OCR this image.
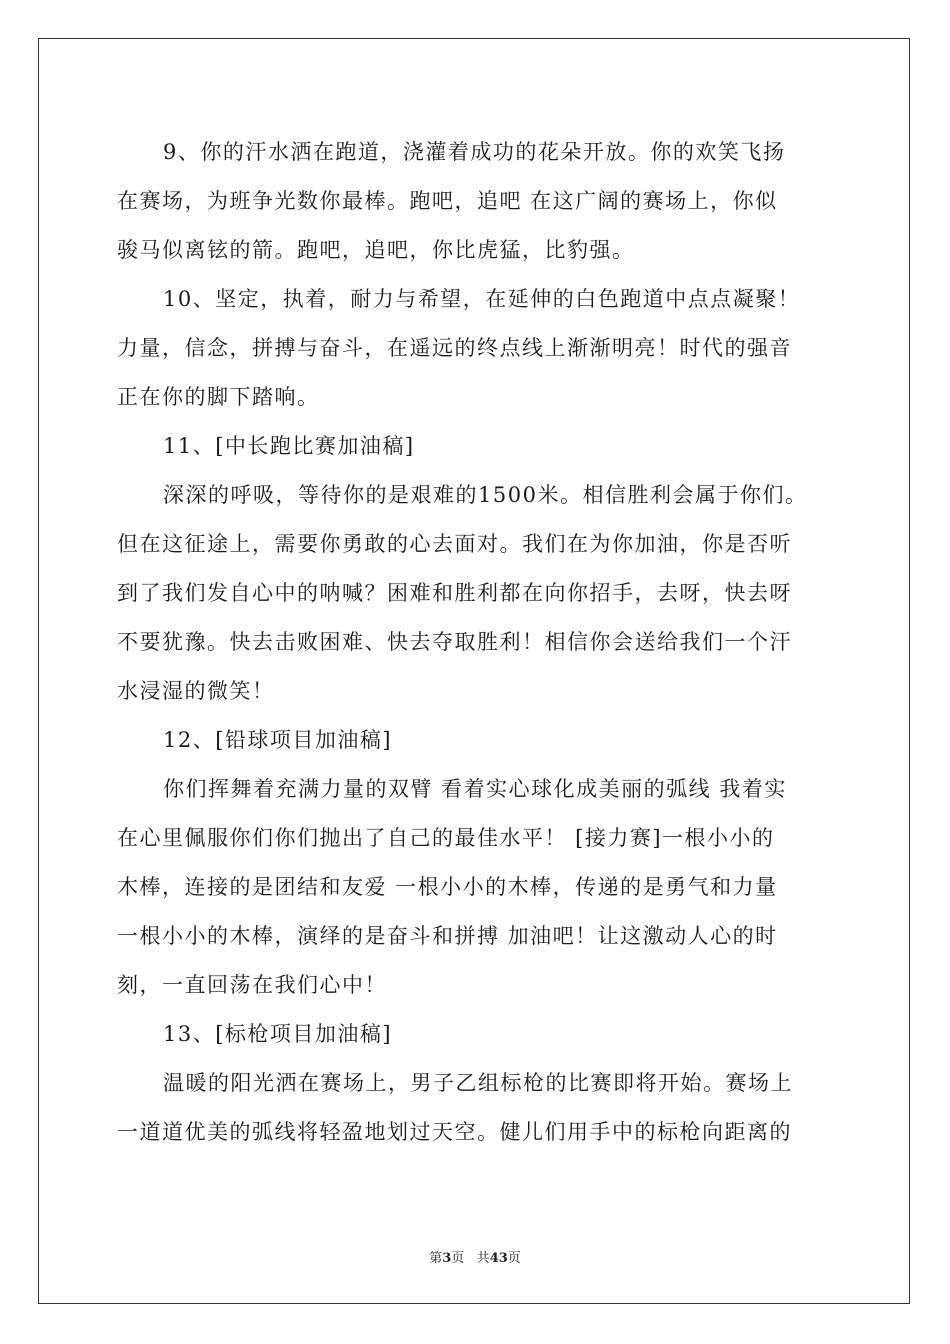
9、你的汗水洒在跑道，浇灌着成功的花朵开放。你的欢笑飞扬
在赛场，为班争光数你最棒。跑吧，追吧 在这广阔的赛场上，你似
骏马似离铉的箭。跑吧，追吧，你比虎猛，比豹强。
10、坚定，执着，耐力与希望，在延伸的白色跑道中点点凝聚！
力量，信念，拼搏与奋斗，在遥远的终点线上渐渐明亮！时代的强音
正在你的脚下踏响。
11、[中长跑比赛加油稿]
深深的呼吸，等待你的是艰难的1500米。相信胜利会属于你们。
但在这征途上，需要你勇敢的心去面对。我们在为你加油，你是否听
到了我们发自心中的呐喊？困难和胜利都在向你招手，去呀，快去呀
不要犹豫。快去击败困难、快去夺取胜利！相信你会送给我们一个汗
水浸湿的微笑！
12、[铅球项目加油稿]
你们挥舞着充满力量的双臂 看着实心球化成美丽的弧线 我着实
在心里佩服你们你们抛出了自己的最佳水平！ [接力赛]一根小小的
木棒，连接的是团结和友爱 一根小小的木棒，传递的是勇气和力量
一根小小的木棒，演绎的是奋斗和拼搏 加油吧！让这激动人心的时
刻，一直回荡在我们心中！
13、[标枪项目加油稿]
温暖的阳光洒在赛场上，男子乙组标枪的比赛即将开始。赛场上
一道道优美的弧线将轻盈地划过天空。健儿们用手中的标枪向距离的
第3页 共43页
